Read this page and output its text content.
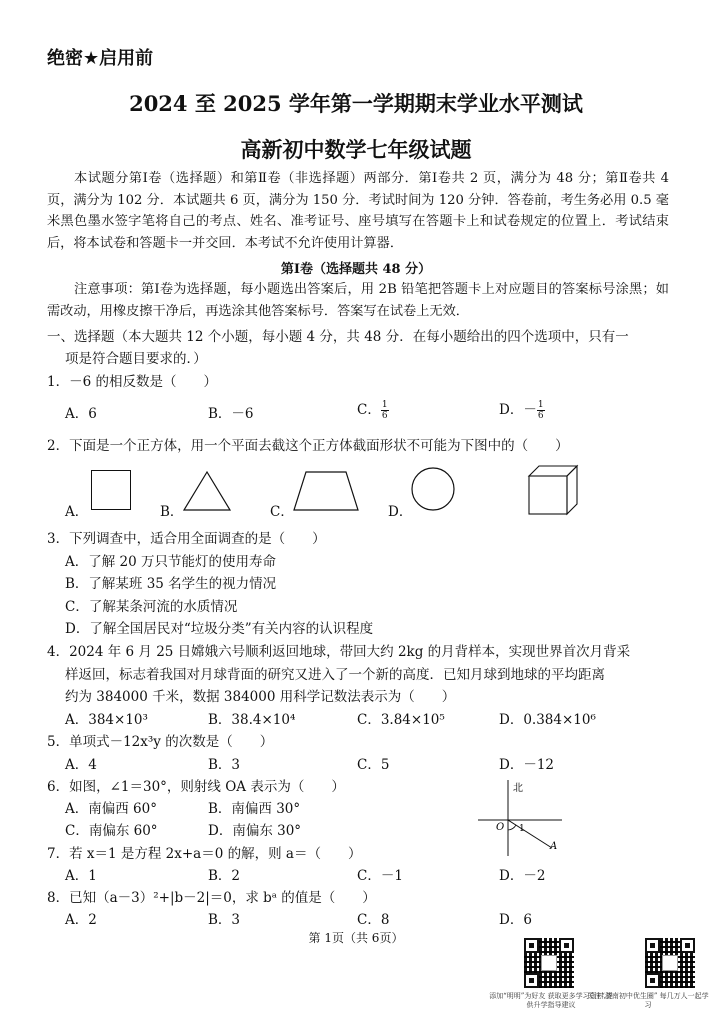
绝密★启用前
2024 至 2025 学年第一学期期末学业水平测试
高新初中数学七年级试题
本试题分第Ⅰ卷（选择题）和第Ⅱ卷（非选择题）两部分．第Ⅰ卷共 2 页，满分为 48 分；第Ⅱ卷共 4 页，满分为 102 分．本试题共 6 页，满分为 150 分．考试时间为 120 分钟．答卷前，考生务必用 0.5 毫米黑色墨水签字笔将自己的考点、姓名、准考证号、座号填写在答题卡上和试卷规定的位置上．考试结束后，将本试卷和答题卡一并交回．本考试不允许使用计算器．
第Ⅰ卷（选择题共 48 分）
注意事项：第Ⅰ卷为选择题，每小题选出答案后，用 2B 铅笔把答题卡上对应题目的答案标号涂黑；如需改动，用橡皮擦干净后，再选涂其他答案标号．答案写在试卷上无效．
一、选择题（本大题共 12 个小题，每小题 4 分，共 48 分．在每小题给出的四个选项中，只有一
项是符合题目要求的．）
1．－6 的相反数是（　　）
A．6	B．－6	C． $\frac{1}{6}$	D．－ $\frac{1}{6}$
2．下面是一个正方体，用一个平面去截这个正方体截面形状不可能为下图中的（　　）
A．	B．	C．	D．
3．下列调查中，适合用全面调查的是（　　）
A．了解 20 万只节能灯的使用寿命
B．了解某班 35 名学生的视力情况
C．了解某条河流的水质情况
D．了解全国居民对“垃圾分类”有关内容的认识程度
4．2024 年 6 月 25 日嫦娥六号顺利返回地球，带回大约 2kg 的月背样本，实现世界首次月背采
样返回，标志着我国对月球背面的研究又进入了一个新的高度．已知月球到地球的平均距离
约为 384000 千米，数据 384000 用科学记数法表示为（　　）
A．384×10³	B．38.4×10⁴	C．3.84×10⁵	D．0.384×10⁶
5．单项式－12x³y 的次数是（　　）
A．4	B．3	C．5	D．－12
6．如图，∠1＝30°，则射线 OA 表示为（　　）
A．南偏西 60°	B．南偏西 30°
C．南偏东 60°	D．南偏东 30°
北
O 1
A
7．若 x＝1 是方程 2x+a＝0 的解，则 a＝（　　）
A．1	B．2	C．－1	D．－2
8．已知（a－3）²+|b－2|＝0，求 bᵃ 的值是（　　）
A．2	B．3	C．8	D．6
第 1页（共 6页）
添加“明明”为好友 获取更多学习资料,提供升学指导建议
关注“济南初中优生圈” 每几万人一起学习
